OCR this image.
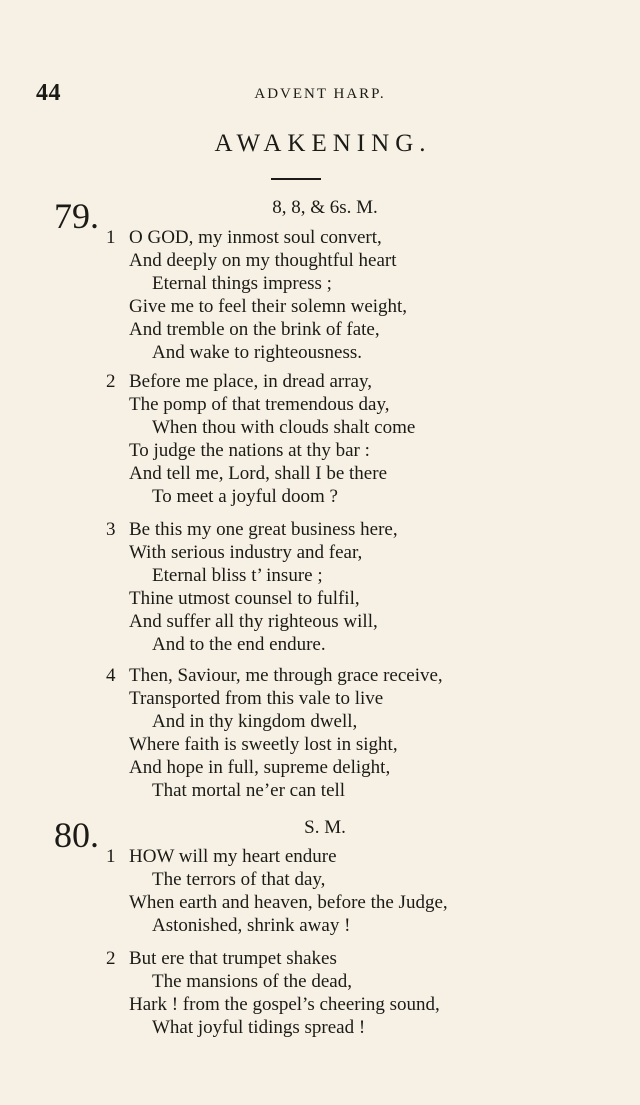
44	ADVENT HARP.
AWAKENING.
79.	8, 8, & 6s. M.
1 O GOD, my inmost soul convert,
And deeply on my thoughtful heart
Eternal things impress ;
Give me to feel their solemn weight,
And tremble on the brink of fate,
And wake to righteousness.
2 Before me place, in dread array,
The pomp of that tremendous day,
When thou with clouds shalt come
To judge the nations at thy bar :
And tell me, Lord, shall I be there
To meet a joyful doom ?
3 Be this my one great business here,
With serious industry and fear,
Eternal bliss t’ insure ;
Thine utmost counsel to fulfil,
And suffer all thy righteous will,
And to the end endure.
4 Then, Saviour, me through grace receive,
Transported from this vale to live
And in thy kingdom dwell,
Where faith is sweetly lost in sight,
And hope in full, supreme delight,
That mortal ne’er can tell
80.	S. M.
1 HOW will my heart endure
The terrors of that day,
When earth and heaven, before the Judge,
Astonished, shrink away !
2 But ere that trumpet shakes
The mansions of the dead,
Hark ! from the gospel’s cheering sound,
What joyful tidings spread !
